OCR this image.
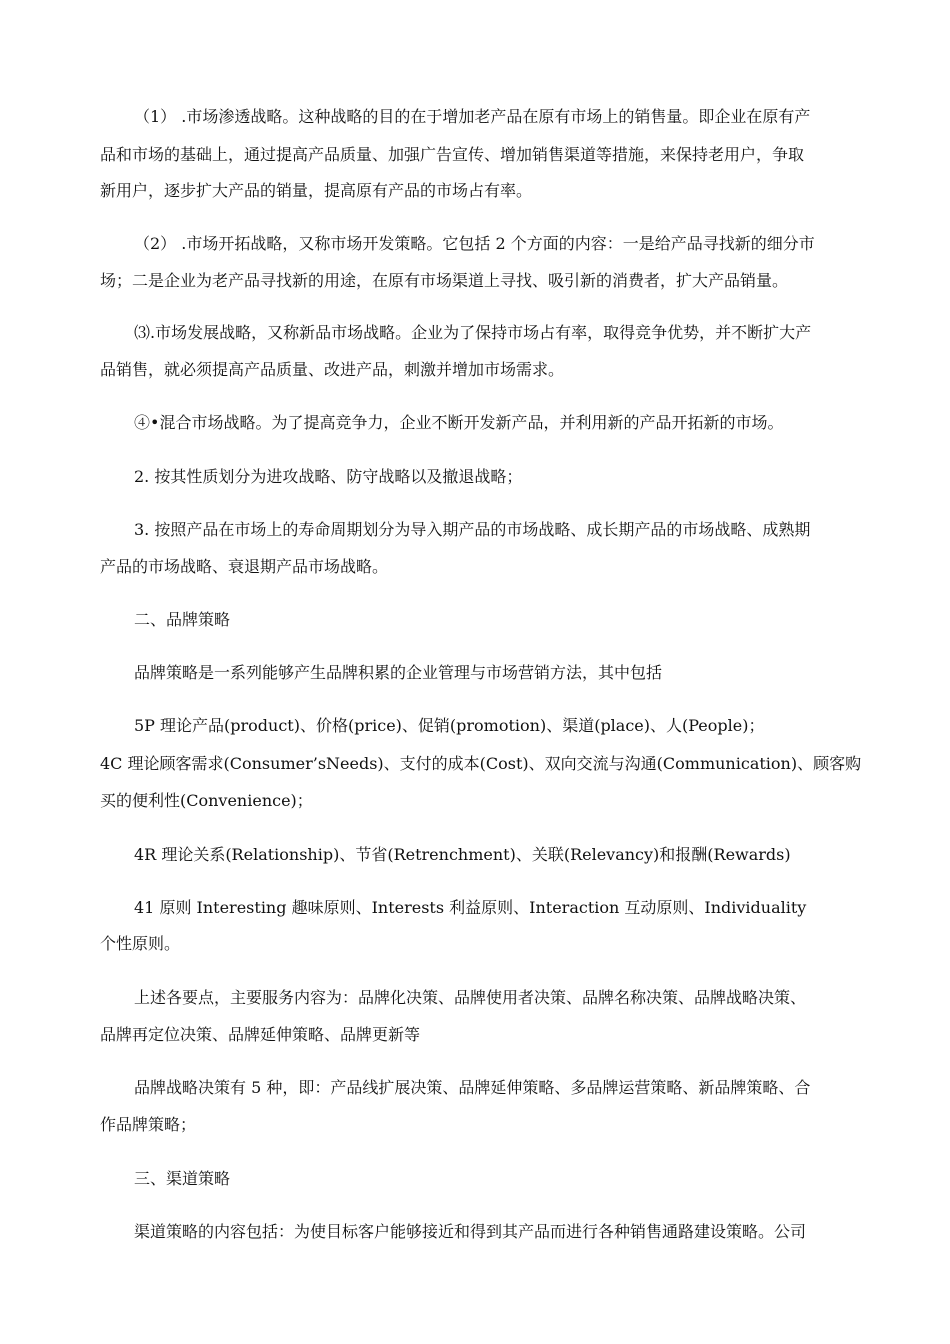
（1） .市场渗透战略。这种战略的目的在于增加老产品在原有市场上的销售量。即企业在原有产
品和市场的基础上，通过提高产品质量、加强广告宣传、增加销售渠道等措施，来保持老用户，争取
新用户，逐步扩大产品的销量，提高原有产品的市场占有率。
（2） .市场开拓战略，又称市场开发策略。它包括 2 个方面的内容：一是给产品寻找新的细分市
场；二是企业为老产品寻找新的用途，在原有市场渠道上寻找、吸引新的消费者，扩大产品销量。
⑶.市场发展战略，又称新品市场战略。企业为了保持市场占有率，取得竞争优势，并不断扩大产
品销售，就必须提高产品质量、改进产品，刺激并增加市场需求。
④•混合市场战略。为了提高竞争力，企业不断开发新产品，并利用新的产品开拓新的市场。
2. 按其性质划分为进攻战略、防守战略以及撤退战略；
3. 按照产品在市场上的寿命周期划分为导入期产品的市场战略、成长期产品的市场战略、成熟期
产品的市场战略、衰退期产品市场战略。
二、品牌策略
品牌策略是一系列能够产生品牌积累的企业管理与市场营销方法，其中包括
5P 理论产品(product)、价格(price)、促销(promotion)、渠道(place)、人(People)；
4C 理论顾客需求(Consumer’sNeeds)、支付的成本(Cost)、双向交流与沟通(Communication)、顾客购
买的便利性(Convenience)；
4R 理论关系(Relationship)、节省(Retrenchment)、关联(Relevancy)和报酬(Rewards)
41 原则 Interesting 趣味原则、Interests 利益原则、Interaction 互动原则、Individuality
个性原则。
上述各要点，主要服务内容为：品牌化决策、品牌使用者决策、品牌名称决策、品牌战略决策、
品牌再定位决策、品牌延伸策略、品牌更新等
品牌战略决策有 5 种，即：产品线扩展决策、品牌延伸策略、多品牌运营策略、新品牌策略、合
作品牌策略；
三、渠道策略
渠道策略的内容包括：为使目标客户能够接近和得到其产品而进行各种销售通路建设策略。公司
